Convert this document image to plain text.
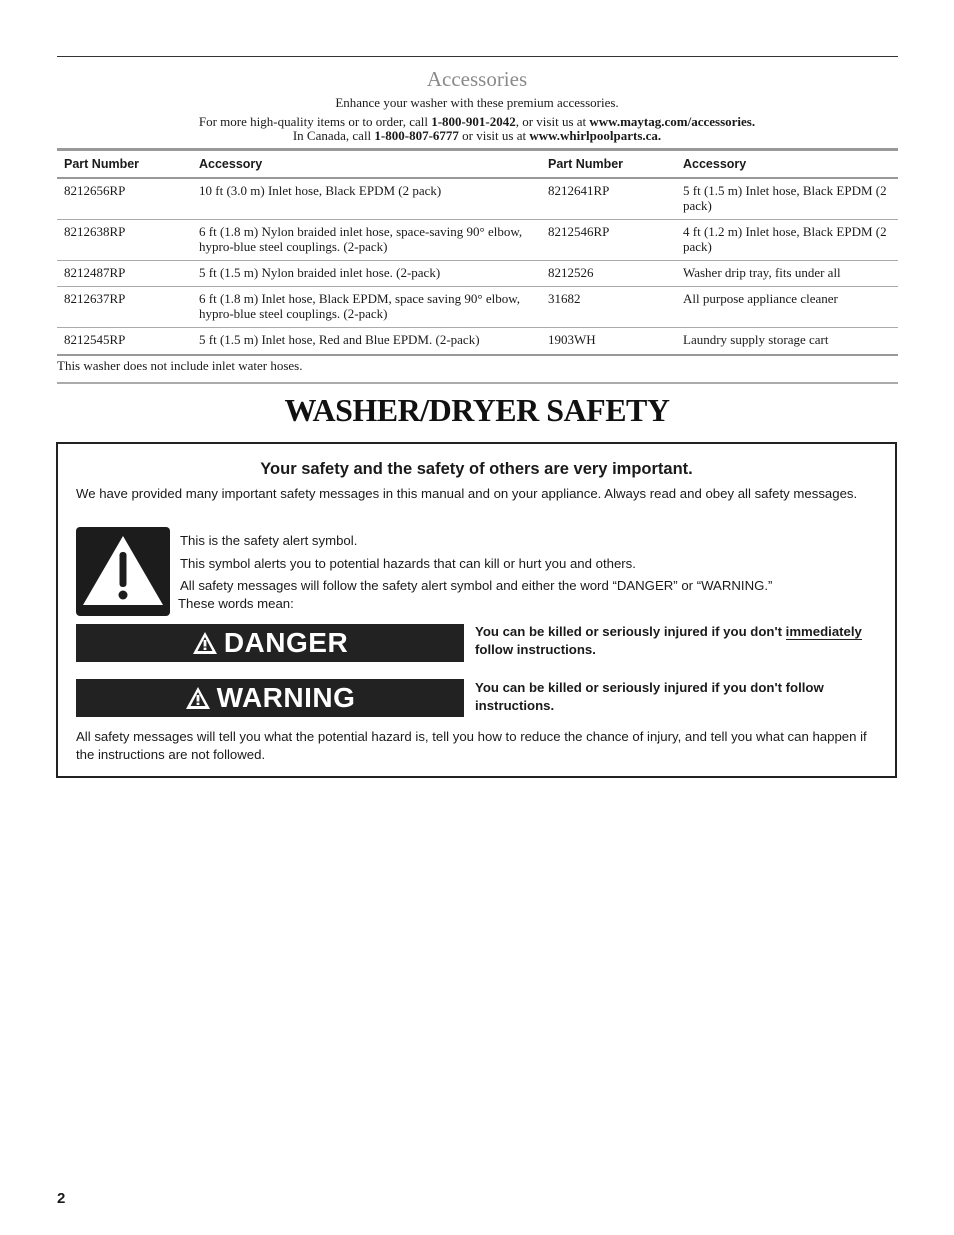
Accessories
Enhance your washer with these premium accessories.
For more high-quality items or to order, call 1-800-901-2042, or visit us at www.maytag.com/accessories.
In Canada, call 1-800-807-6777 or visit us at www.whirlpoolparts.ca.
Part Number	Accessory	Part Number	Accessory
8212656RP	10 ft (3.0 m) Inlet hose, Black EPDM (2 pack)	8212641RP	5 ft (1.5 m) Inlet hose, Black EPDM (2 pack)
8212638RP	6 ft (1.8 m) Nylon braided inlet hose, space-saving 90° elbow, hypro-blue steel couplings. (2-pack)	8212546RP	4 ft (1.2 m) Inlet hose, Black EPDM (2 pack)
8212487RP	5 ft (1.5 m) Nylon braided inlet hose. (2-pack)	8212526	Washer drip tray, fits under all
8212637RP	6 ft (1.8 m) Inlet hose, Black EPDM, space saving 90° elbow, hypro-blue steel couplings. (2-pack)	31682	All purpose appliance cleaner
8212545RP	5 ft (1.5 m) Inlet hose, Red and Blue EPDM. (2-pack)	1903WH	Laundry supply storage cart
This washer does not include inlet water hoses.
WASHER/DRYER SAFETY
Your safety and the safety of others are very important.
We have provided many important safety messages in this manual and on your appliance. Always read and obey all safety messages.
This is the safety alert symbol.
This symbol alerts you to potential hazards that can kill or hurt you and others.
All safety messages will follow the safety alert symbol and either the word “DANGER” or “WARNING.”
These words mean:
DANGER	You can be killed or seriously injured if you don't immediately follow instructions.
WARNING	You can be killed or seriously injured if you don't follow instructions.
All safety messages will tell you what the potential hazard is, tell you how to reduce the chance of injury, and tell you what can happen if the instructions are not followed.
2
